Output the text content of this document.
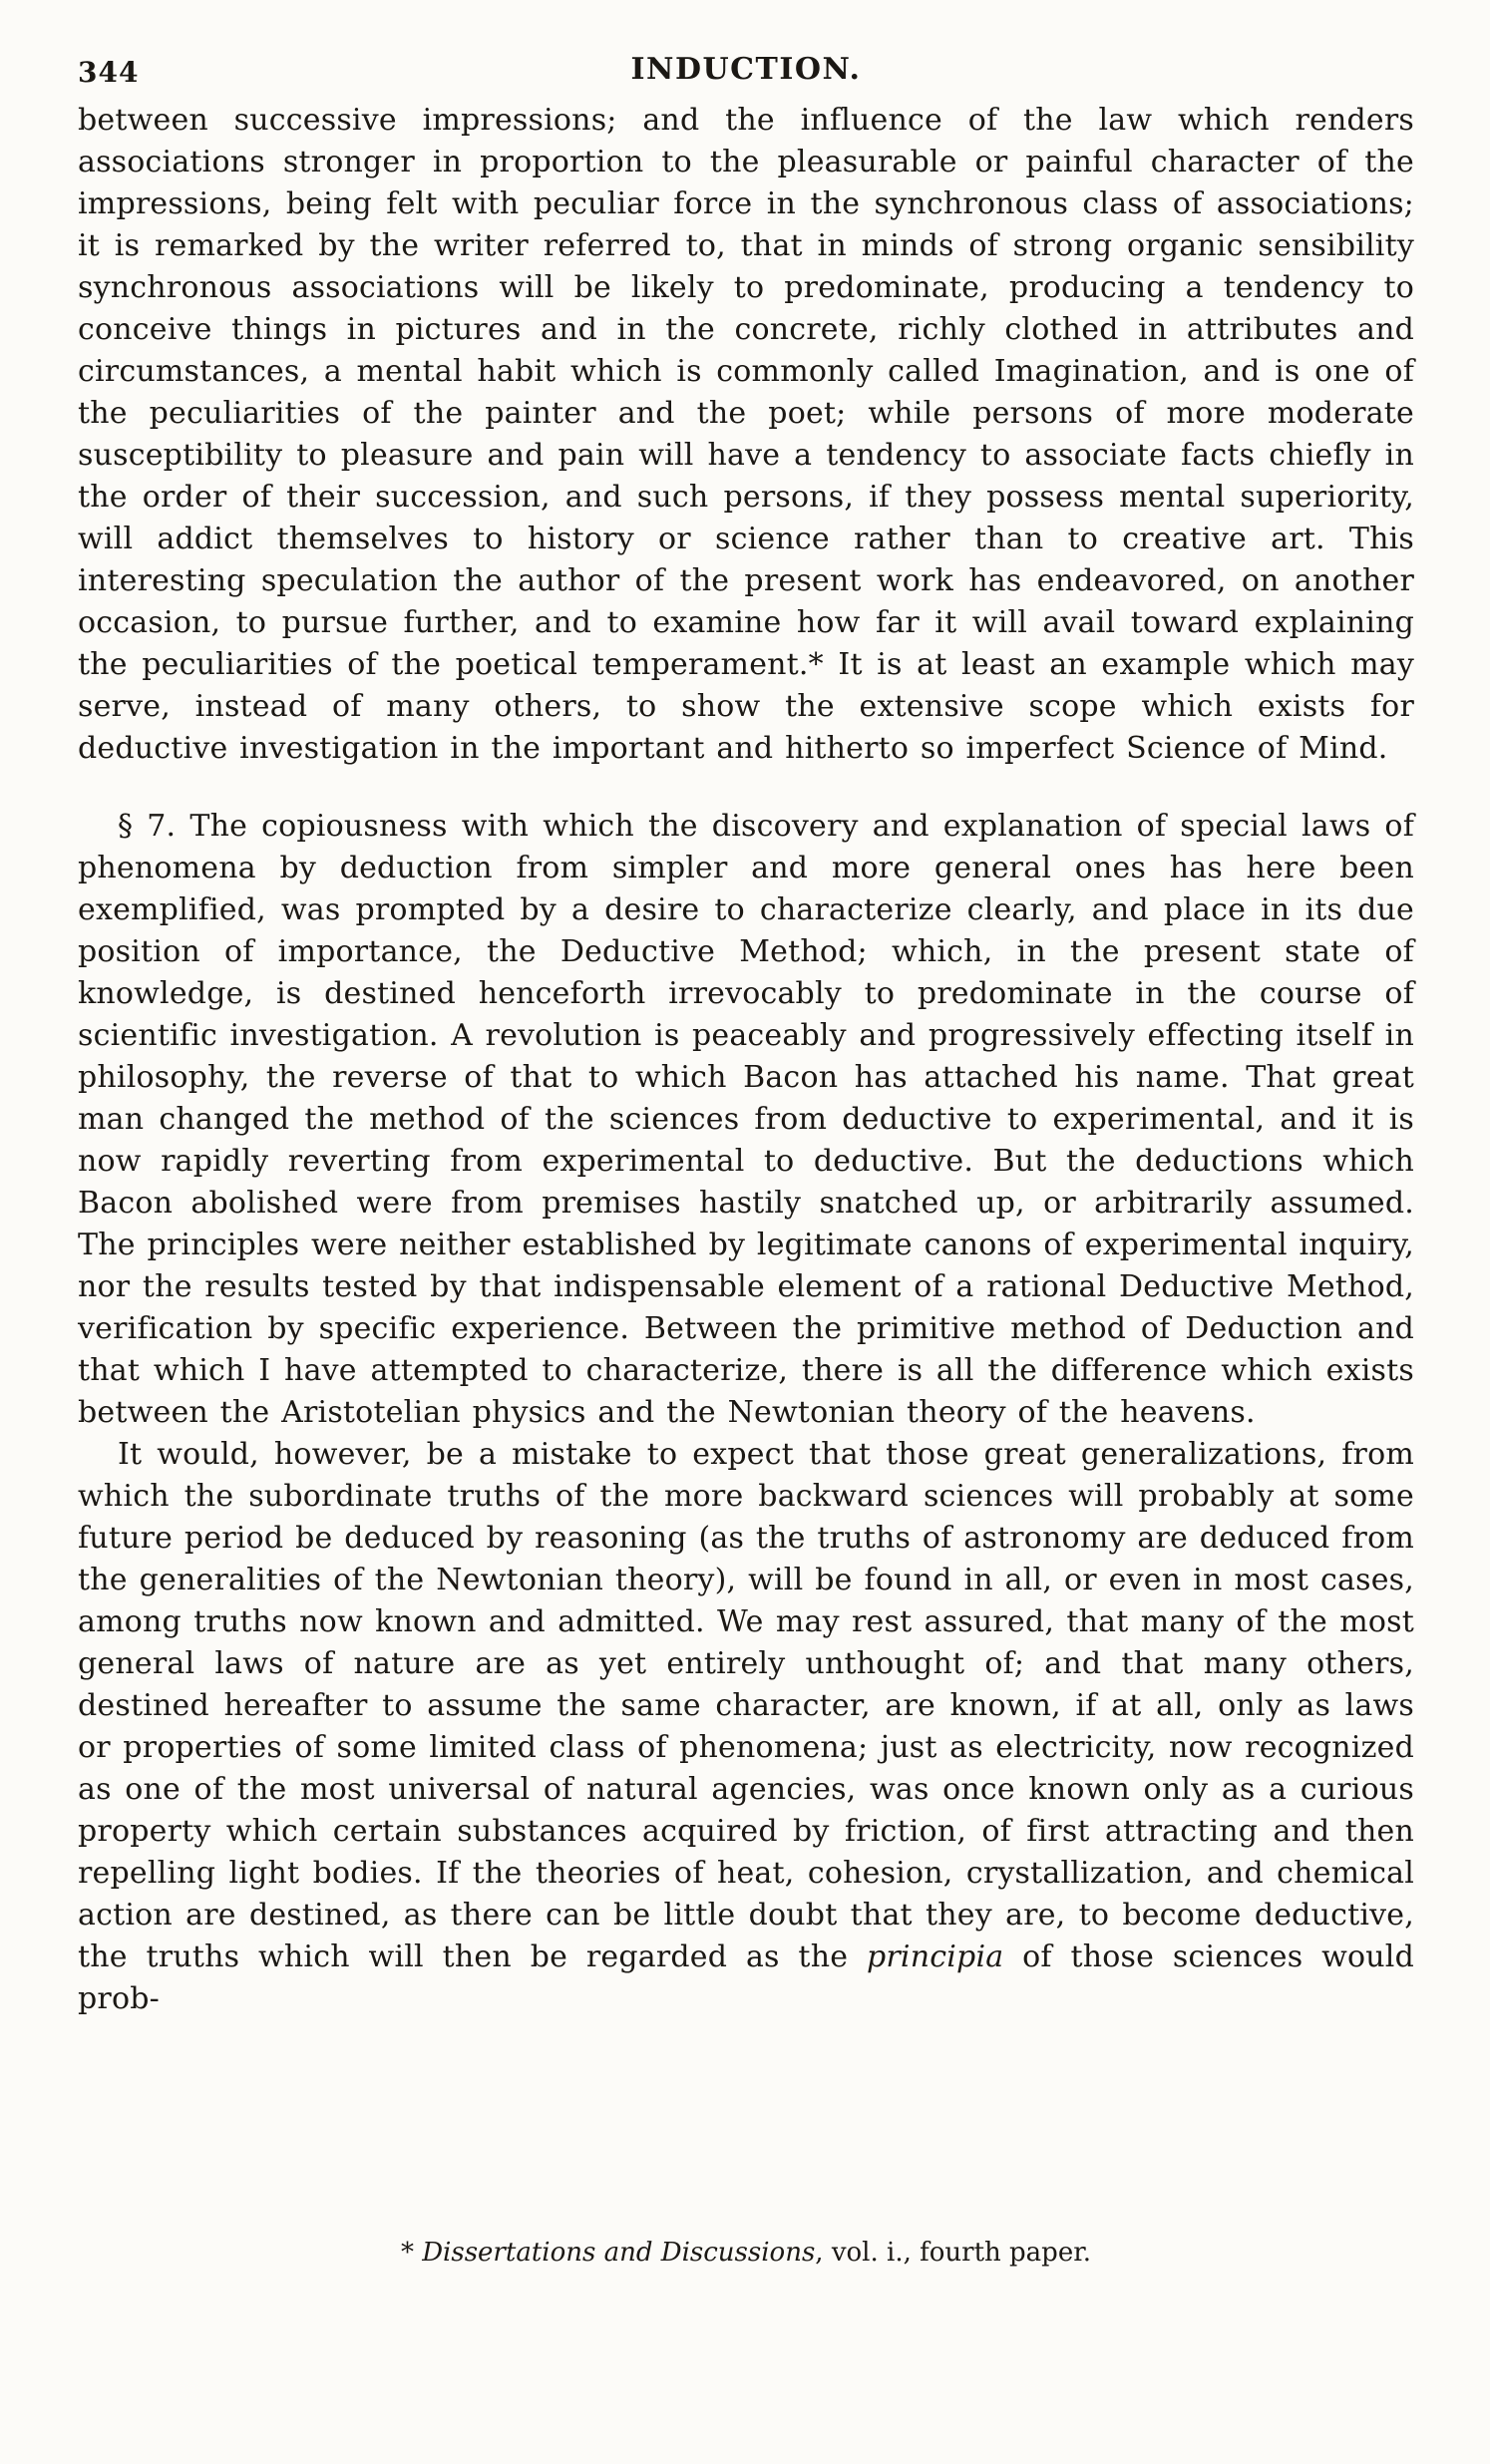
344	INDUCTION.

between successive impressions; and the influence of the law which renders associations stronger in proportion to the pleasurable or painful character of the impressions, being felt with peculiar force in the synchronous class of associations; it is remarked by the writer referred to, that in minds of strong organic sensibility synchronous associations will be likely to predominate, producing a tendency to conceive things in pictures and in the concrete, richly clothed in attributes and circumstances, a mental habit which is commonly called Imagination, and is one of the peculiarities of the painter and the poet; while persons of more moderate susceptibility to pleasure and pain will have a tendency to associate facts chiefly in the order of their succession, and such persons, if they possess mental superiority, will addict themselves to history or science rather than to creative art. This interesting speculation the author of the present work has endeavored, on another occasion, to pursue further, and to examine how far it will avail toward explaining the peculiarities of the poetical temperament.* It is at least an example which may serve, instead of many others, to show the extensive scope which exists for deductive investigation in the important and hitherto so imperfect Science of Mind.

§ 7. The copiousness with which the discovery and explanation of special laws of phenomena by deduction from simpler and more general ones has here been exemplified, was prompted by a desire to characterize clearly, and place in its due position of importance, the Deductive Method; which, in the present state of knowledge, is destined henceforth irrevocably to predominate in the course of scientific investigation. A revolution is peaceably and progressively effecting itself in philosophy, the reverse of that to which Bacon has attached his name. That great man changed the method of the sciences from deductive to experimental, and it is now rapidly reverting from experimental to deductive. But the deductions which Bacon abolished were from premises hastily snatched up, or arbitrarily assumed. The principles were neither established by legitimate canons of experimental inquiry, nor the results tested by that indispensable element of a rational Deductive Method, verification by specific experience. Between the primitive method of Deduction and that which I have attempted to characterize, there is all the difference which exists between the Aristotelian physics and the Newtonian theory of the heavens.

It would, however, be a mistake to expect that those great generalizations, from which the subordinate truths of the more backward sciences will probably at some future period be deduced by reasoning (as the truths of astronomy are deduced from the generalities of the Newtonian theory), will be found in all, or even in most cases, among truths now known and admitted. We may rest assured, that many of the most general laws of nature are as yet entirely unthought of; and that many others, destined hereafter to assume the same character, are known, if at all, only as laws or properties of some limited class of phenomena; just as electricity, now recognized as one of the most universal of natural agencies, was once known only as a curious property which certain substances acquired by friction, of first attracting and then repelling light bodies. If the theories of heat, cohesion, crystallization, and chemical action are destined, as there can be little doubt that they are, to become deductive, the truths which will then be regarded as the principia of those sciences would prob-

* Dissertations and Discussions, vol. i., fourth paper.
